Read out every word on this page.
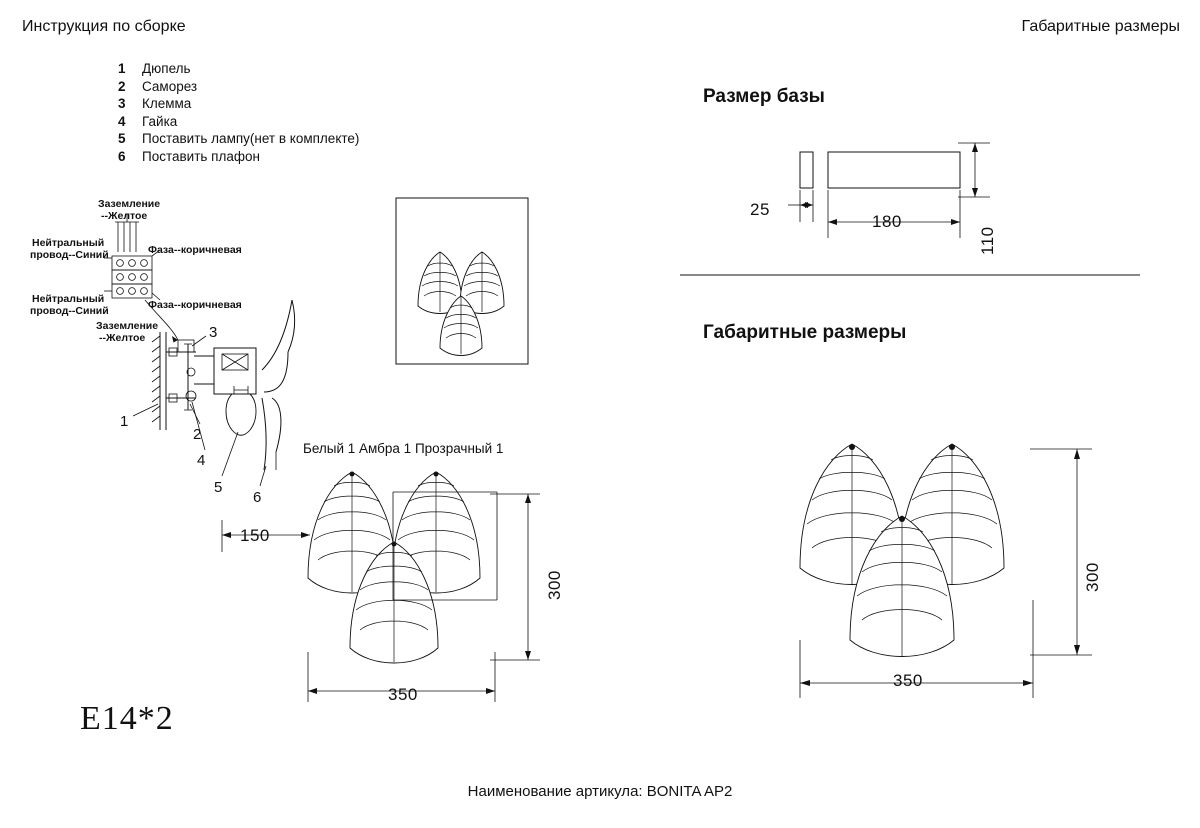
Инструкция по сборке	Габаритные размеры
1	Дюпель
2	Саморез
3	Клемма
4	Гайка
5	Поставить лампу(нет в комплекте)
6	Поставить плафон
Заземление
--Желтое
Нейтральный
провод--Синий	Фаза--коричневая
Нейтральный
провод--Синий	Фаза--коричневая
Заземление
--Желтое
1
2
3
4
5
6
Белый 1 Амбра 1 Прозрачный 1
E14*2
150
300
350
Размер базы
25
180
110
Габаритные размеры
300
350
Наименование артикула: BONITA AP2
